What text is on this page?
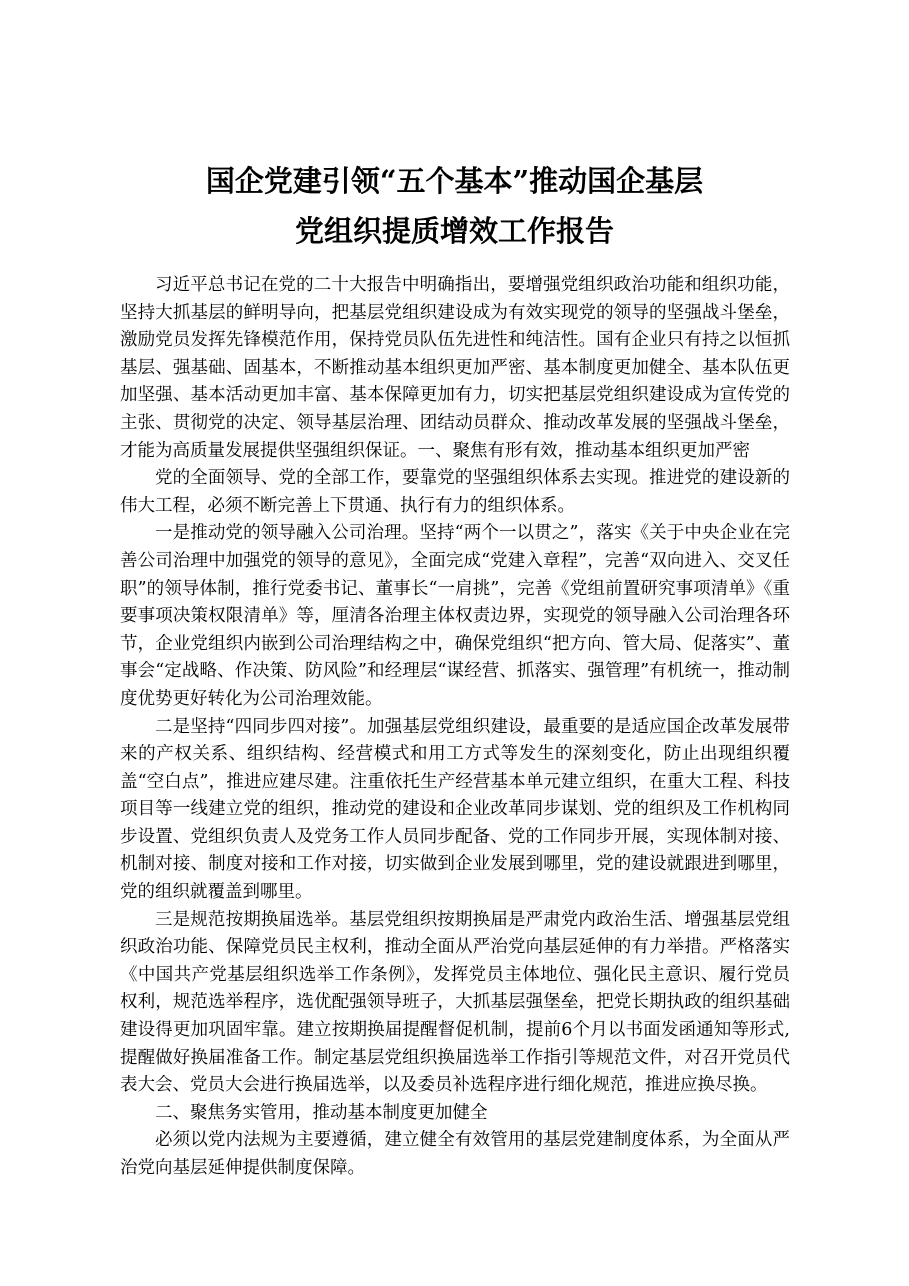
国企党建引领“五个基本”推动国企基层
党组织提质增效工作报告

习近平总书记在党的二十大报告中明确指出，要增强党组织政治功能和组织功能，坚持大抓基层的鲜明导向，把基层党组织建设成为有效实现党的领导的坚强战斗堡垒，激励党员发挥先锋模范作用，保持党员队伍先进性和纯洁性。国有企业只有持之以恒抓基层、强基础、固基本，不断推动基本组织更加严密、基本制度更加健全、基本队伍更加坚强、基本活动更加丰富、基本保障更加有力，切实把基层党组织建设成为宣传党的主张、贯彻党的决定、领导基层治理、团结动员群众、推动改革发展的坚强战斗堡垒，才能为高质量发展提供坚强组织保证。一、聚焦有形有效，推动基本组织更加严密

党的全面领导、党的全部工作，要靠党的坚强组织体系去实现。推进党的建设新的伟大工程，必须不断完善上下贯通、执行有力的组织体系。

一是推动党的领导融入公司治理。坚持“两个一以贯之”，落实《关于中央企业在完善公司治理中加强党的领导的意见》，全面完成“党建入章程”，完善“双向进入、交叉任职”的领导体制，推行党委书记、董事长“一肩挑”，完善《党组前置研究事项清单》《重要事项决策权限清单》等，厘清各治理主体权责边界，实现党的领导融入公司治理各环节，企业党组织内嵌到公司治理结构之中，确保党组织“把方向、管大局、促落实”、董事会“定战略、作决策、防风险”和经理层“谋经营、抓落实、强管理”有机统一，推动制度优势更好转化为公司治理效能。

二是坚持“四同步四对接”。加强基层党组织建设，最重要的是适应国企改革发展带来的产权关系、组织结构、经营模式和用工方式等发生的深刻变化，防止出现组织覆盖“空白点”，推进应建尽建。注重依托生产经营基本单元建立组织，在重大工程、科技项目等一线建立党的组织，推动党的建设和企业改革同步谋划、党的组织及工作机构同步设置、党组织负责人及党务工作人员同步配备、党的工作同步开展，实现体制对接、机制对接、制度对接和工作对接，切实做到企业发展到哪里，党的建设就跟进到哪里，党的组织就覆盖到哪里。

三是规范按期换届选举。基层党组织按期换届是严肃党内政治生活、增强基层党组织政治功能、保障党员民主权利，推动全面从严治党向基层延伸的有力举措。严格落实《中国共产党基层组织选举工作条例》，发挥党员主体地位、强化民主意识、履行党员权利，规范选举程序，选优配强领导班子，大抓基层强堡垒，把党长期执政的组织基础建设得更加巩固牢靠。建立按期换届提醒督促机制，提前6个月以书面发函通知等形式,提醒做好换届准备工作。制定基层党组织换届选举工作指引等规范文件，对召开党员代表大会、党员大会进行换届选举，以及委员补选程序进行细化规范，推进应换尽换。

二、聚焦务实管用，推动基本制度更加健全

必须以党内法规为主要遵循，建立健全有效管用的基层党建制度体系，为全面从严治党向基层延伸提供制度保障。
